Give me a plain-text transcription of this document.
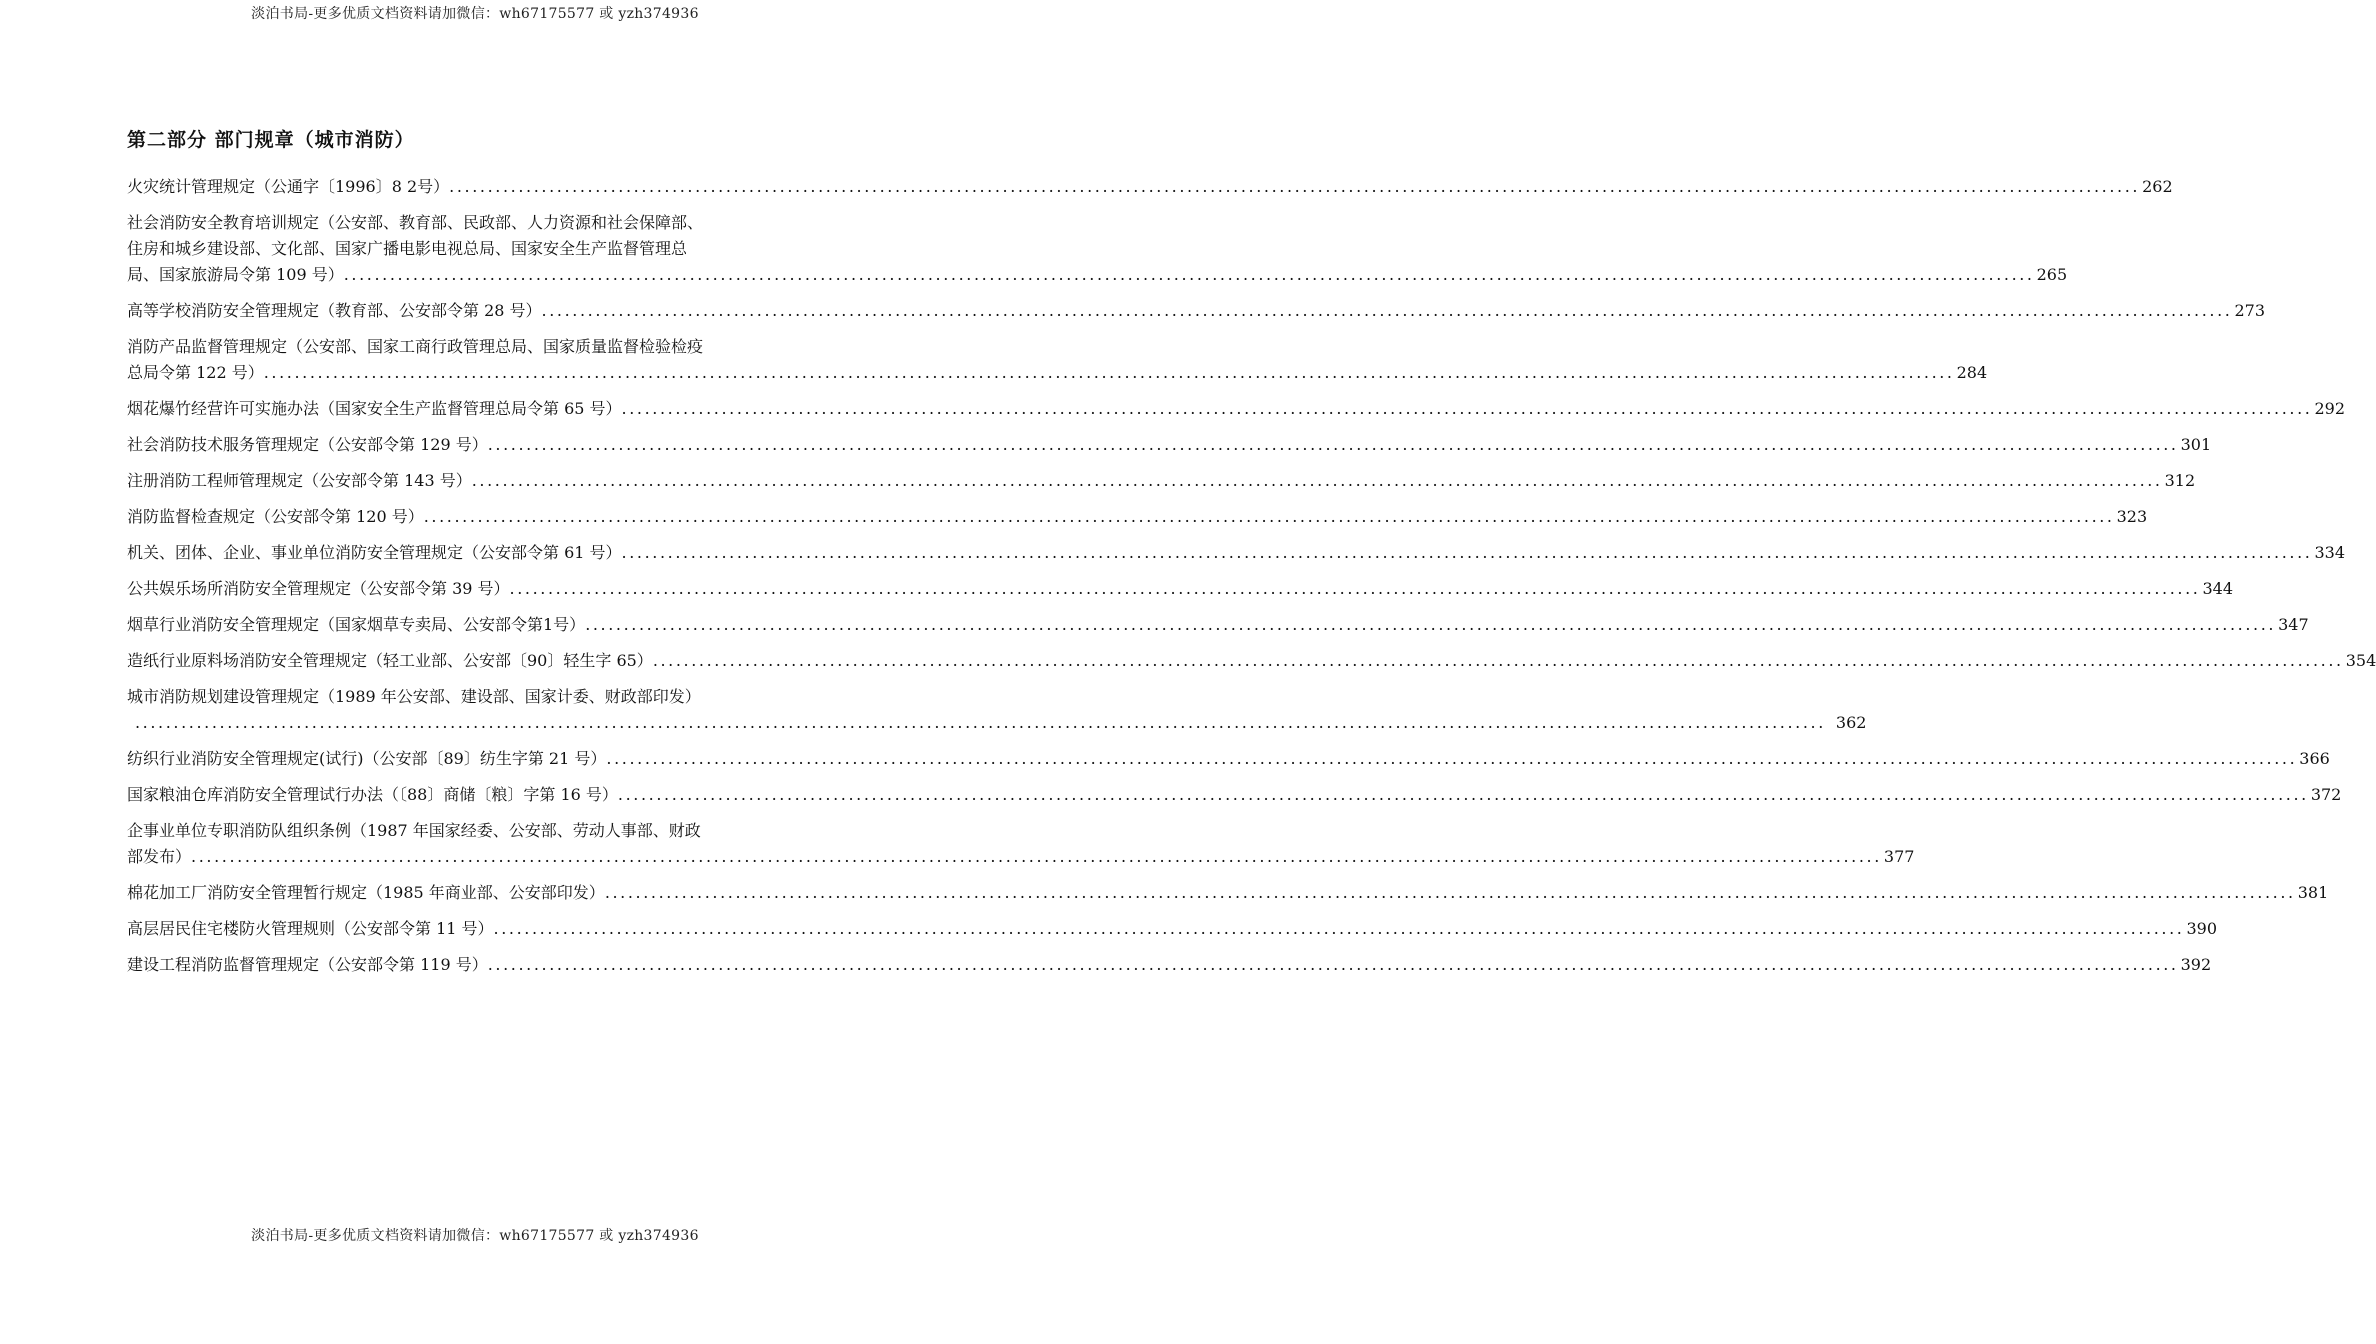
淡泊书局-更多优质文档资料请加微信：wh67175577 或 yzh374936
第二部分 部门规章（城市消防）
火灾统计管理规定（公通字〔1996〕8 2号） ............................................................................................................................................................................................................................ 262
社会消防安全教育培训规定（公安部、教育部、民政部、人力资源和社会保障部、
住房和城乡建设部、文化部、国家广播电影电视总局、国家安全生产监督管理总
局、国家旅游局令第 109 号） ............................................................................................................................................................................................................................ 265
高等学校消防安全管理规定（教育部、公安部令第 28 号） ............................................................................................................................................................................................................................ 273
消防产品监督管理规定（公安部、国家工商行政管理总局、国家质量监督检验检疫
总局令第 122 号） ............................................................................................................................................................................................................................ 284
烟花爆竹经营许可实施办法（国家安全生产监督管理总局令第 65 号） ............................................................................................................................................................................................................................ 292
社会消防技术服务管理规定（公安部令第 129 号） ............................................................................................................................................................................................................................ 301
注册消防工程师管理规定（公安部令第 143 号） ............................................................................................................................................................................................................................ 312
消防监督检查规定（公安部令第 120 号） ............................................................................................................................................................................................................................ 323
机关、团体、企业、事业单位消防安全管理规定（公安部令第 61 号） ............................................................................................................................................................................................................................ 334
公共娱乐场所消防安全管理规定（公安部令第 39 号） ............................................................................................................................................................................................................................ 344
烟草行业消防安全管理规定（国家烟草专卖局、公安部令第1号） ............................................................................................................................................................................................................................ 347
造纸行业原料场消防安全管理规定（轻工业部、公安部〔90〕轻生字 65） ............................................................................................................................................................................................................................ 354
城市消防规划建设管理规定（1989 年公安部、建设部、国家计委、财政部印发）
............................................................................................................................................................................................................................ 362
纺织行业消防安全管理规定(试行)（公安部〔89〕纺生字第 21 号） ............................................................................................................................................................................................................................ 366
国家粮油仓库消防安全管理试行办法（〔88〕商储〔粮〕字第 16 号） ............................................................................................................................................................................................................................ 372
企事业单位专职消防队组织条例（1987 年国家经委、公安部、劳动人事部、财政
部发布） ............................................................................................................................................................................................................................ 377
棉花加工厂消防安全管理暂行规定（1985 年商业部、公安部印发） ............................................................................................................................................................................................................................ 381
高层居民住宅楼防火管理规则（公安部令第 11 号） ............................................................................................................................................................................................................................ 390
建设工程消防监督管理规定（公安部令第 119 号） ............................................................................................................................................................................................................................ 392
淡泊书局-更多优质文档资料请加微信：wh67175577 或 yzh374936
